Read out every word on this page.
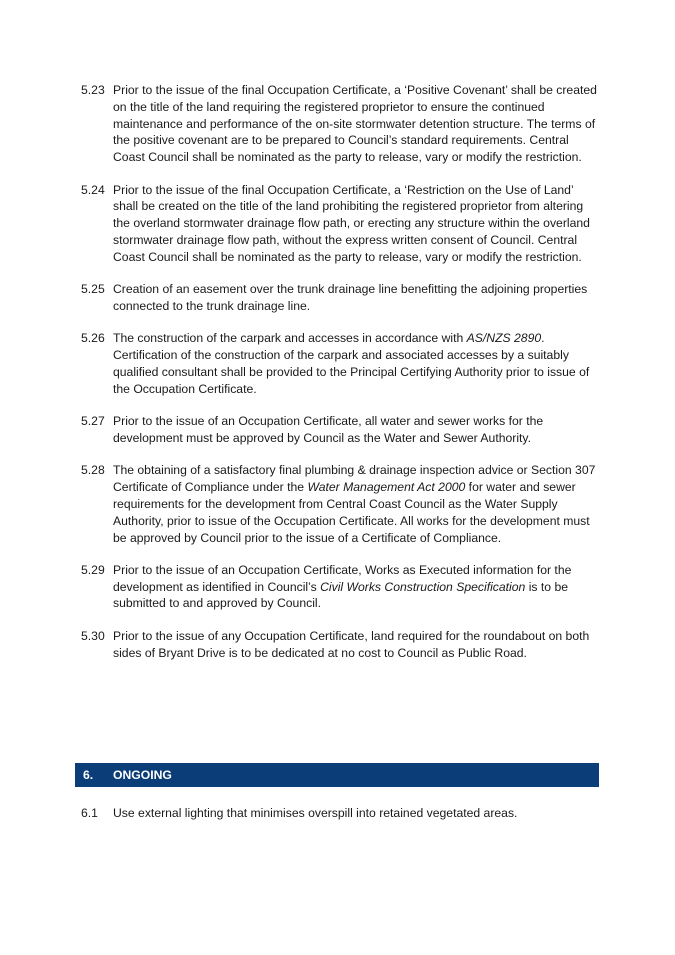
5.23 Prior to the issue of the final Occupation Certificate, a ‘Positive Covenant’ shall be created on the title of the land requiring the registered proprietor to ensure the continued maintenance and performance of the on-site stormwater detention structure. The terms of the positive covenant are to be prepared to Council’s standard requirements. Central Coast Council shall be nominated as the party to release, vary or modify the restriction.
5.24 Prior to the issue of the final Occupation Certificate, a ‘Restriction on the Use of Land’ shall be created on the title of the land prohibiting the registered proprietor from altering the overland stormwater drainage flow path, or erecting any structure within the overland stormwater drainage flow path, without the express written consent of Council. Central Coast Council shall be nominated as the party to release, vary or modify the restriction.
5.25 Creation of an easement over the trunk drainage line benefitting the adjoining properties connected to the trunk drainage line.
5.26 The construction of the carpark and accesses in accordance with AS/NZS 2890. Certification of the construction of the carpark and associated accesses by a suitably qualified consultant shall be provided to the Principal Certifying Authority prior to issue of the Occupation Certificate.
5.27 Prior to the issue of an Occupation Certificate, all water and sewer works for the development must be approved by Council as the Water and Sewer Authority.
5.28 The obtaining of a satisfactory final plumbing & drainage inspection advice or Section 307 Certificate of Compliance under the Water Management Act 2000 for water and sewer requirements for the development from Central Coast Council as the Water Supply Authority, prior to issue of the Occupation Certificate. All works for the development must be approved by Council prior to the issue of a Certificate of Compliance.
5.29 Prior to the issue of an Occupation Certificate, Works as Executed information for the development as identified in Council’s Civil Works Construction Specification is to be submitted to and approved by Council.
5.30 Prior to the issue of any Occupation Certificate, land required for the roundabout on both sides of Bryant Drive is to be dedicated at no cost to Council as Public Road.
6.	ONGOING
6.1	Use external lighting that minimises overspill into retained vegetated areas.
